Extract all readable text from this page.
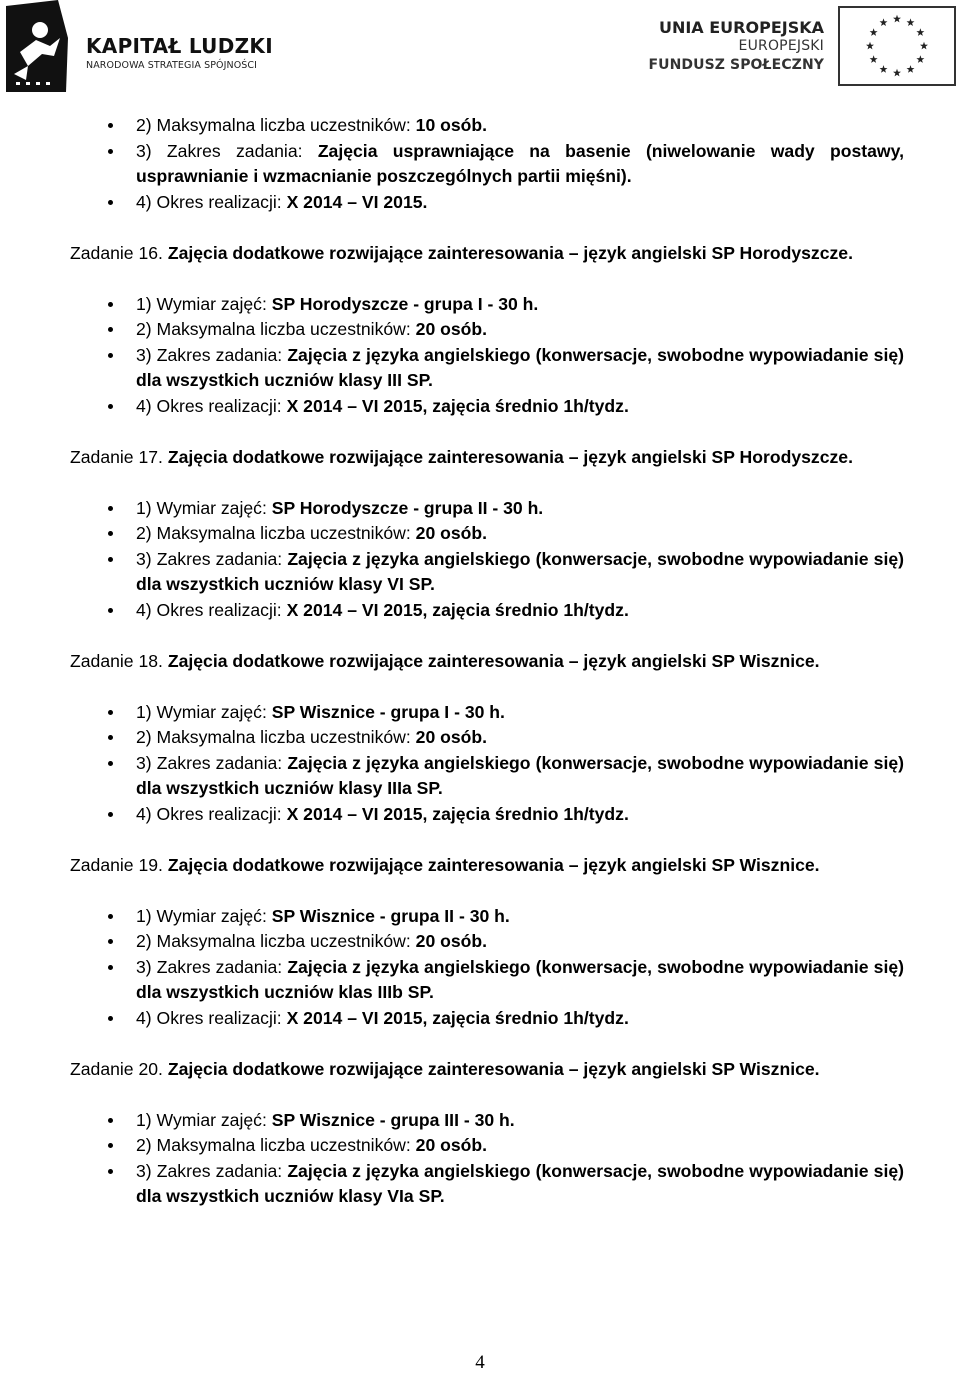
KAPITAŁ LUDZKI
NARODOWA STRATEGIA SPÓJNOŚCI
UNIA EUROPEJSKA
EUROPEJSKI
FUNDUSZ SPOŁECZNY
2) Maksymalna liczba uczestników: 10 osób.
3) Zakres zadania: Zajęcia usprawniające na basenie (niwelowanie wady postawy, usprawnianie i wzmacnianie poszczególnych partii mięśni).
4) Okres realizacji: X 2014 – VI 2015.
Zadanie 16. Zajęcia dodatkowe rozwijające zainteresowania – język angielski SP Horodyszcze.
1) Wymiar zajęć: SP Horodyszcze - grupa I - 30 h.
2) Maksymalna liczba uczestników: 20 osób.
3) Zakres zadania: Zajęcia z języka angielskiego (konwersacje, swobodne wypowiadanie się) dla wszystkich uczniów klasy III SP.
4) Okres realizacji: X 2014 – VI 2015, zajęcia średnio 1h/tydz.
Zadanie 17. Zajęcia dodatkowe rozwijające zainteresowania – język angielski SP Horodyszcze.
1) Wymiar zajęć: SP Horodyszcze - grupa II - 30 h.
2) Maksymalna liczba uczestników: 20 osób.
3) Zakres zadania: Zajęcia z języka angielskiego (konwersacje, swobodne wypowiadanie się) dla wszystkich uczniów klasy VI SP.
4) Okres realizacji: X 2014 – VI 2015, zajęcia średnio 1h/tydz.
Zadanie 18. Zajęcia dodatkowe rozwijające zainteresowania – język angielski SP Wisznice.
1) Wymiar zajęć: SP Wisznice - grupa I - 30 h.
2) Maksymalna liczba uczestników: 20 osób.
3) Zakres zadania: Zajęcia z języka angielskiego (konwersacje, swobodne wypowiadanie się) dla wszystkich uczniów klasy IIIa SP.
4) Okres realizacji: X 2014 – VI 2015, zajęcia średnio 1h/tydz.
Zadanie 19. Zajęcia dodatkowe rozwijające zainteresowania – język angielski SP Wisznice.
1) Wymiar zajęć: SP Wisznice - grupa II - 30 h.
2) Maksymalna liczba uczestników: 20 osób.
3) Zakres zadania: Zajęcia z języka angielskiego (konwersacje, swobodne wypowiadanie się) dla wszystkich uczniów klas IIIb SP.
4) Okres realizacji: X 2014 – VI 2015, zajęcia średnio 1h/tydz.
Zadanie 20. Zajęcia dodatkowe rozwijające zainteresowania – język angielski SP Wisznice.
1) Wymiar zajęć: SP Wisznice - grupa III - 30 h.
2) Maksymalna liczba uczestników: 20 osób.
3) Zakres zadania: Zajęcia z języka angielskiego (konwersacje, swobodne wypowiadanie się) dla wszystkich uczniów klasy VIa SP.
4
